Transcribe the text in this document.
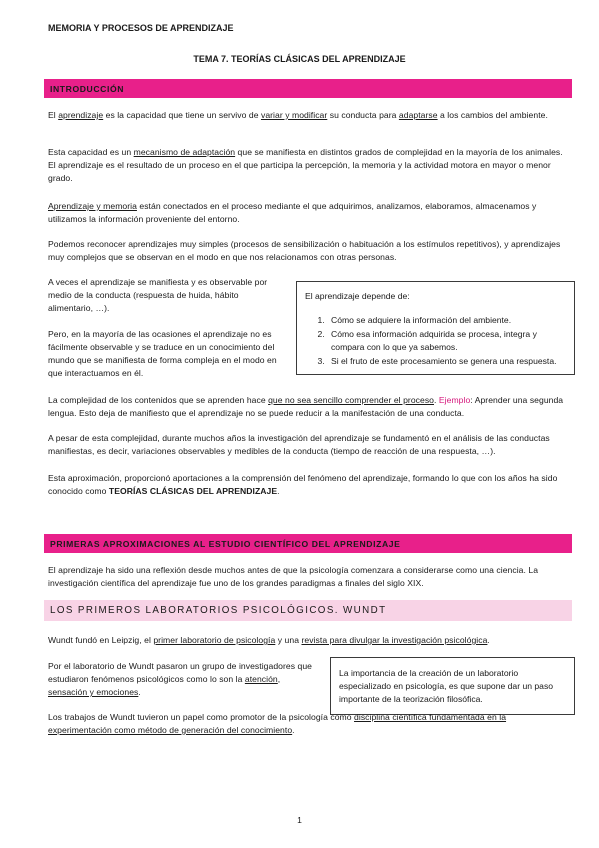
MEMORIA Y PROCESOS DE APRENDIZAJE
TEMA 7. TEORÍAS CLÁSICAS DEL APRENDIZAJE
INTRODUCCIÓN
El aprendizaje es la capacidad que tiene un servivo de variar y modificar su conducta para adaptarse a los cambios del ambiente.
Esta capacidad es un mecanismo de adaptación que se manifiesta en distintos grados de complejidad en la mayoría de los animales. El aprendizaje es el resultado de un proceso en el que participa la percepción, la memoria y la actividad motora en mayor o menor grado.
Aprendizaje y memoria están conectados en el proceso mediante el que adquirimos, analizamos, elaboramos, almacenamos y utilizamos la información proveniente del entorno.
Podemos reconocer aprendizajes muy simples (procesos de sensibilización o habituación a los estímulos repetitivos), y aprendizajes muy complejos que se observan en el modo en que nos relacionamos con otras personas.
A veces el aprendizaje se manifiesta y es observable por medio de la conducta (respuesta de huida, hábito alimentario, …).
Pero, en la mayoría de las ocasiones el aprendizaje no es fácilmente observable y se traduce en un conocimiento del mundo que se manifiesta de forma compleja en el modo en que interactuamos en él.
El aprendizaje depende de:
1. Cómo se adquiere la información del ambiente.
2. Cómo esa información adquirida se procesa, integra y compara con lo que ya sabemos.
3. Si el fruto de este procesamiento se genera una respuesta.
La complejidad de los contenidos que se aprenden hace que no sea sencillo comprender el proceso. Ejemplo: Aprender una segunda lengua. Esto deja de manifiesto que el aprendizaje no se puede reducir a la manifestación de una conducta.
A pesar de esta complejidad, durante muchos años la investigación del aprendizaje se fundamentó en el análisis de las conductas manifiestas, es decir, variaciones observables y medibles de la conducta (tiempo de reacción de una respuesta, …).
Esta aproximación, proporcionó aportaciones a la comprensión del fenómeno del aprendizaje, formando lo que con los años ha sido conocido como TEORÍAS CLÁSICAS DEL APRENDIZAJE.
PRIMERAS APROXIMACIONES AL ESTUDIO CIENTÍFICO DEL APRENDIZAJE
El aprendizaje ha sido una reflexión desde muchos antes de que la psicología comenzara a considerarse como una ciencia. La investigación científica del aprendizaje fue uno de los grandes paradigmas a finales del siglo XIX.
LOS PRIMEROS LABORATORIOS PSICOLÓGICOS. WUNDT
Wundt fundó en Leipzig, el primer laboratorio de psicología y una revista para divulgar la investigación psicológica.
Por el laboratorio de Wundt pasaron un grupo de investigadores que estudiaron fenómenos psicológicos como lo son la atención, sensación y emociones.
La importancia de la creación de un laboratorio especializado en psicología, es que supone dar un paso importante de la teorización filosófica.
Los trabajos de Wundt tuvieron un papel como promotor de la psicología como disciplina científica fundamentada en la experimentación como método de generación del conocimiento.
1
